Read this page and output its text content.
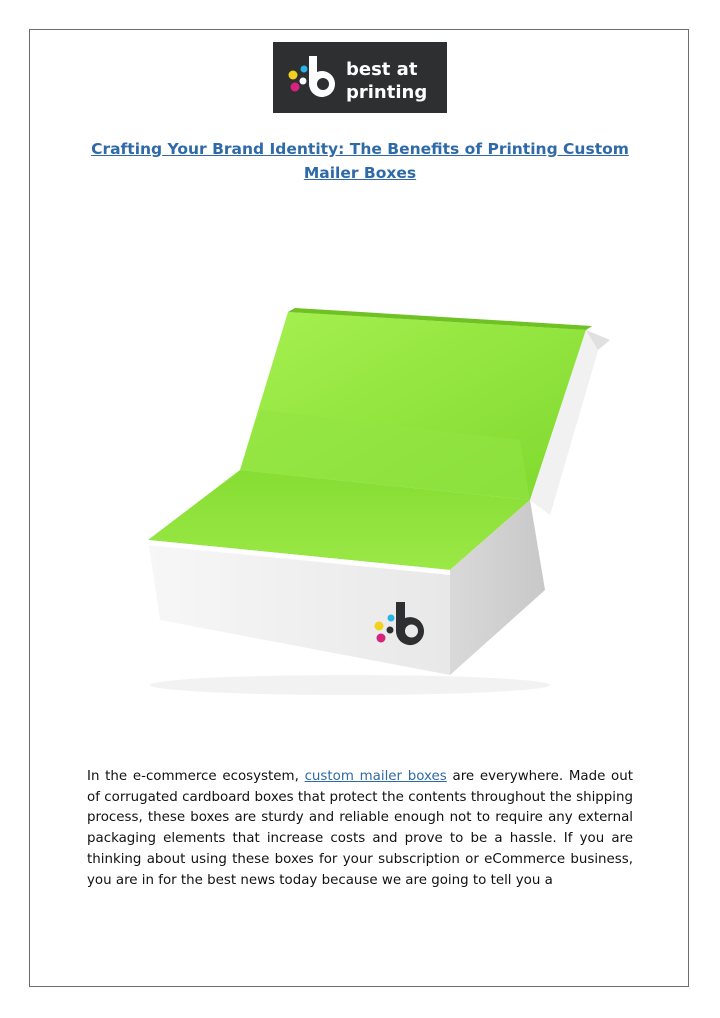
best at
printing
Crafting Your Brand Identity: The Benefits of Printing Custom
Mailer Boxes

In the e-commerce ecosystem, custom mailer boxes are everywhere. Made out of corrugated cardboard boxes that protect the contents throughout the shipping process, these boxes are sturdy and reliable enough not to require any external packaging elements that increase costs and prove to be a hassle. If you are thinking about using these boxes for your subscription or eCommerce business, you are in for the best news today because we are going to tell you a
